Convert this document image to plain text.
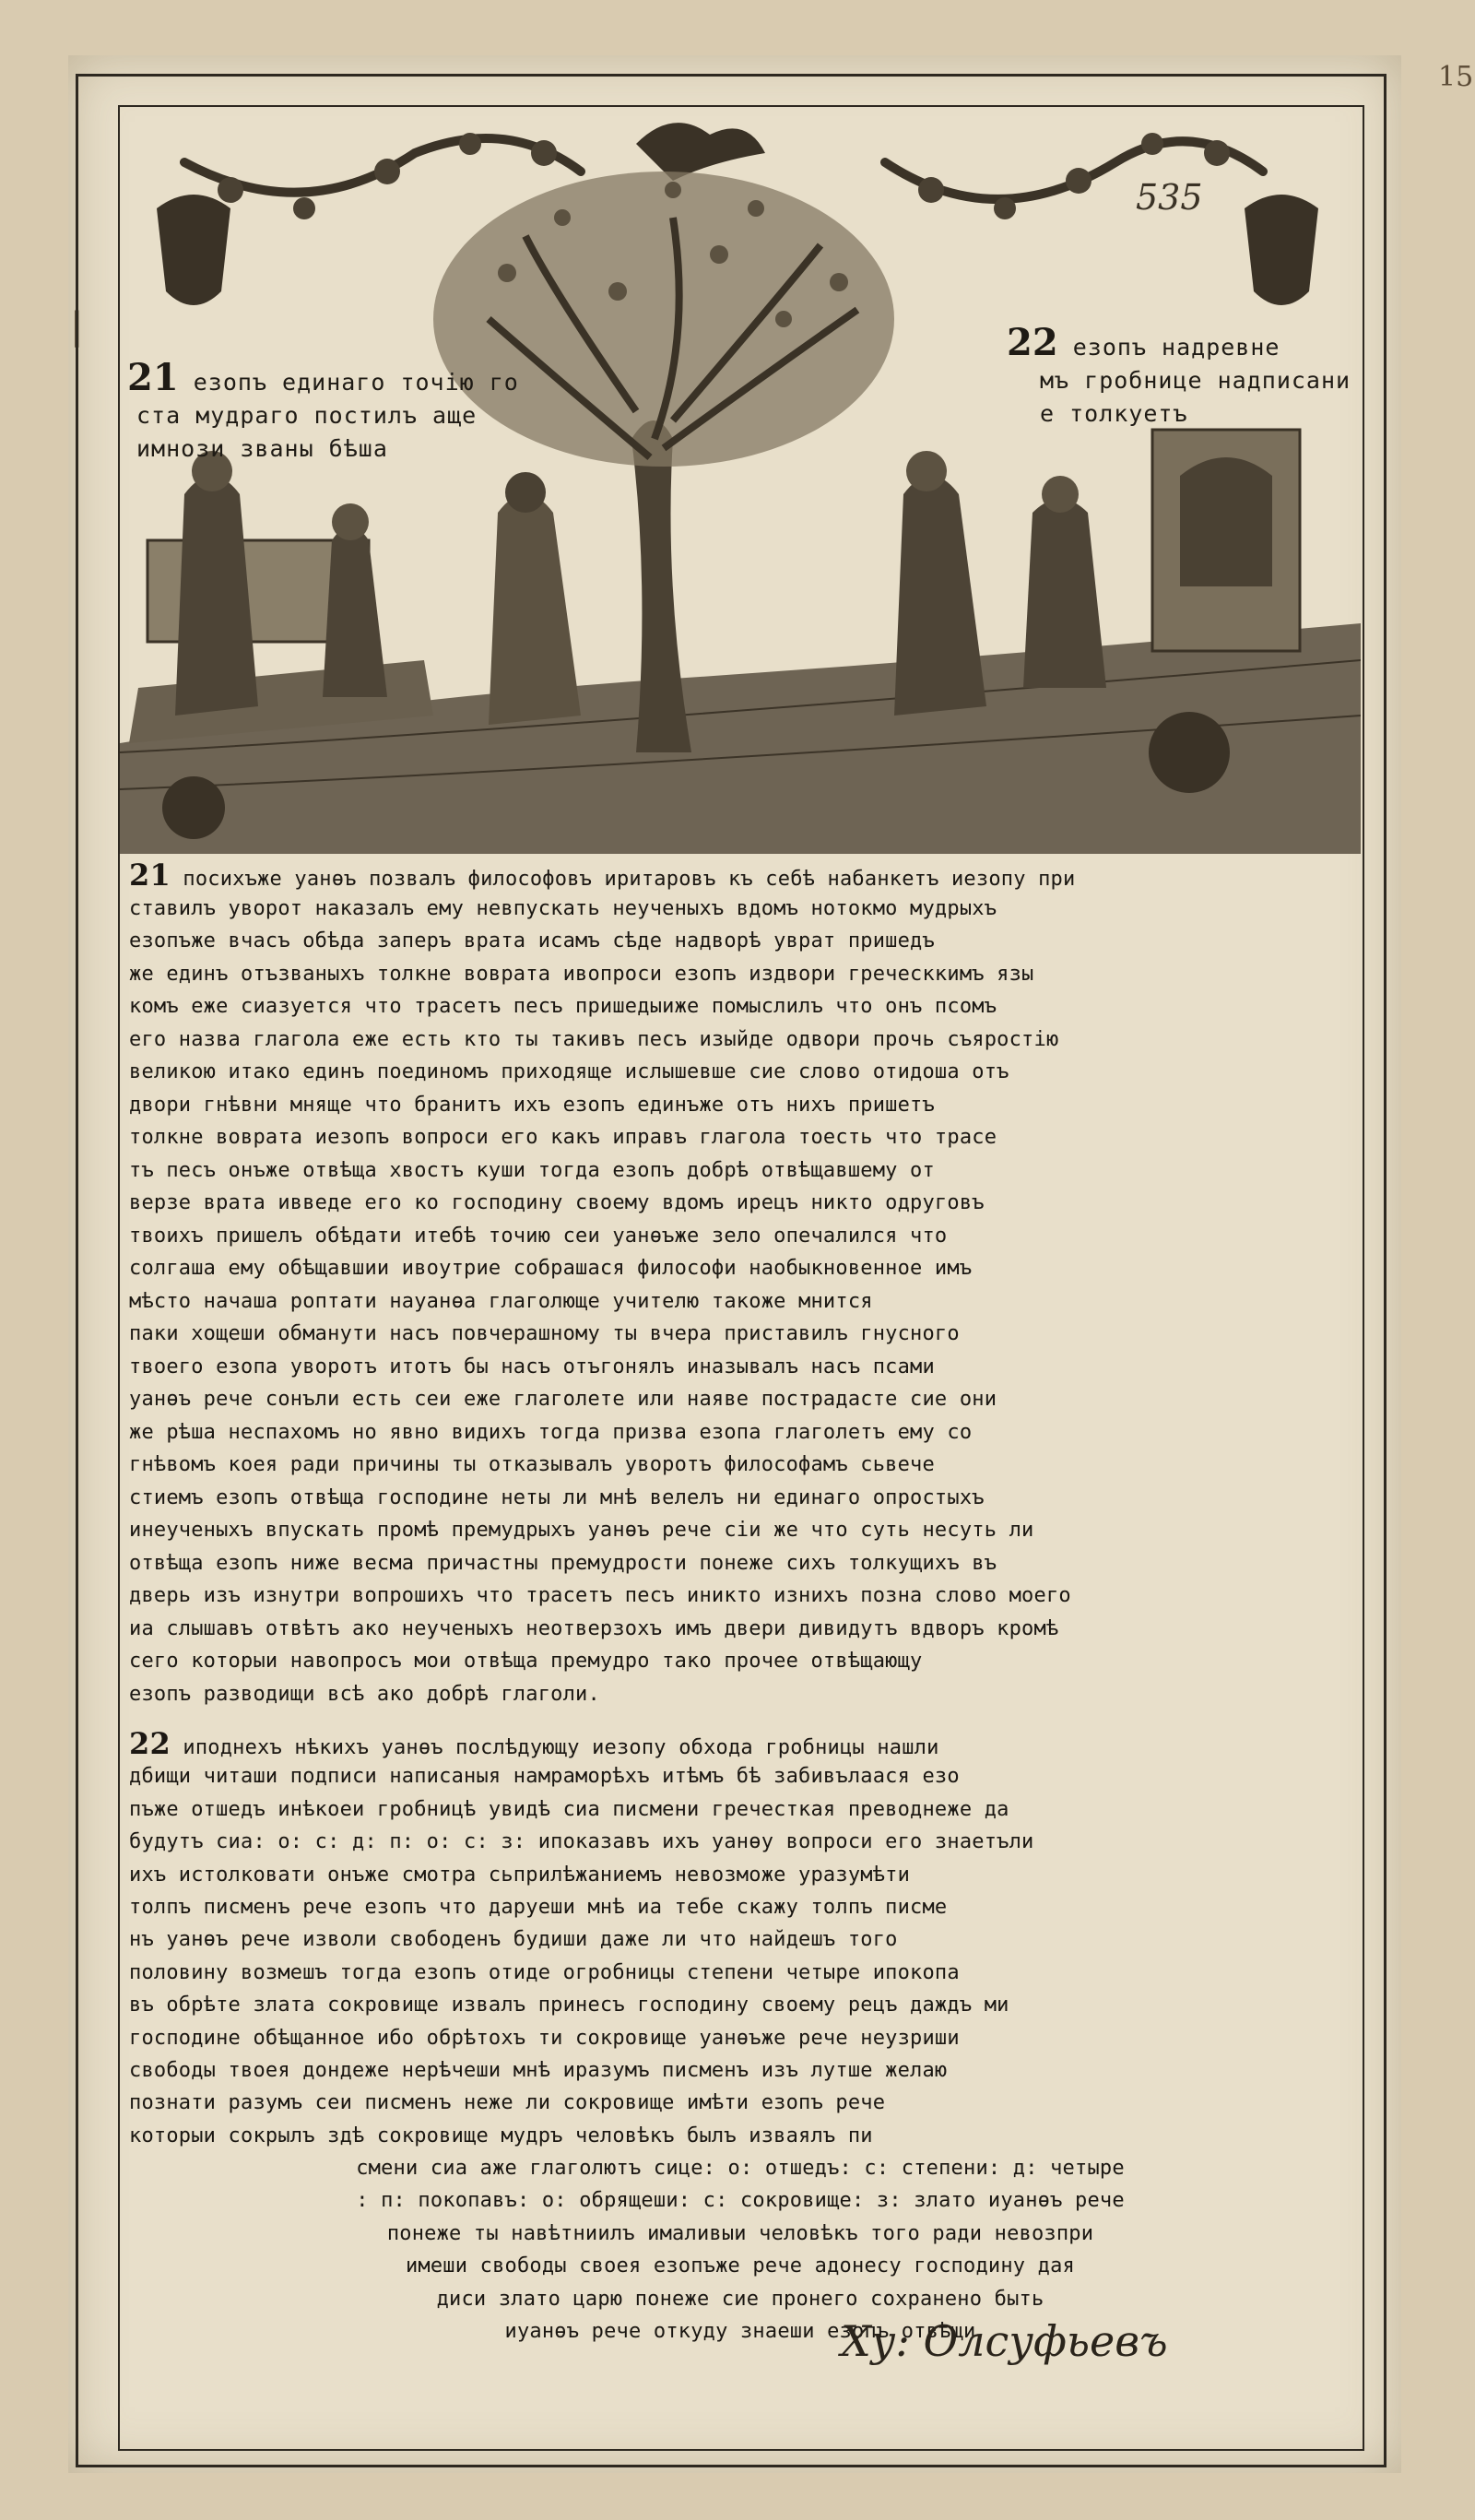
15
|
535
21 езопъ единаго точію го
ста мудраго постилъ аще
имнози званы бѣша
22 езопъ надревне
мъ гробнице надписани
е толкуетъ
21 посихъже уанѳъ позвалъ философовъ иритаровъ къ себѣ набанкетъ иезопу при
ставилъ уворот наказалъ ему невпускать неученыхъ вдомъ нотокмо мудрыхъ
езопъже вчасъ обѣда заперъ врата исамъ сѣде надворѣ уврат пришедъ
же единъ отъзваныхъ толкне воврата ивопроси езопъ издвори греческкимъ язы
комъ еже сиазуется что трасетъ песъ пришедыиже помыслилъ что онъ псомъ
его назва глагола еже есть кто ты такивъ песъ изыйде одвори прочь съяростію
великою итако единъ поединомъ приходяще ислышевше сие слово отидоша отъ
двори гнѣвни мняще что бранитъ ихъ езопъ единъже отъ нихъ пришетъ
толкне воврата иезопъ вопроси его какъ иправъ глагола тоесть что трасе
тъ песъ онъже отвѣща хвостъ куши тогда езопъ добрѣ отвѣщавшему от
верзе врата ивведе его ко господину своему вдомъ ирецъ никто одруговъ
твоихъ пришелъ обѣдати итебѣ точию сеи уанѳъже зело опечалился что
солгаша ему обѣщавшии ивоутрие собрашася философи наобыкновенное имъ
мѣсто начаша роптати науанѳа глаголюще учителю такоже мнится
паки хощеши обманути насъ повчерашному ты вчера приставилъ гнусного
твоего езопа уворотъ итотъ бы насъ отъгонялъ иназывалъ насъ псами
уанѳъ рече сонъли есть сеи еже глаголете или наяве пострадасте сие они
же рѣша неспахомъ но явно видихъ тогда призва езопа глаголетъ ему со
гнѣвомъ коея ради причины ты отказывалъ уворотъ философамъ сьвече
стиемъ езопъ отвѣща господине неты ли мнѣ велелъ ни единаго опростыхъ
инеученыхъ впускать промѣ премудрыхъ уанѳъ рече сіи же что суть несуть ли
отвѣща езопъ ниже весма причастны премудрости понеже сихъ толкущихъ въ
дверь изъ изнутри вопрошихъ что трасетъ песъ иникто изнихъ позна слово моего
иа слышавъ отвѣтъ ако неученыхъ неотверзохъ имъ двери дивидутъ вдворъ кромѣ
сего которыи навопросъ мои отвѣща премудро тако прочее отвѣщающу
езопъ разводищи всѣ ако добрѣ глаголи.
22 иподнехъ нѣкихъ уанѳъ послѣдующу иезопу обхода гробницы нашли
дбищи читаши подписи написаныя намраморѣхъ итѣмъ бѣ забивълаася езо
пъже отшедъ инѣкоеи гробницѣ увидѣ сиа писмени гречесткая преводнеже да
будутъ сиа: о: с: д: п: о: с: з: ипоказавъ ихъ уанѳу вопроси его знаетъли
ихъ истолковати онъже смотра сьприлѣжаниемъ невозможе уразумѣти
толпъ писменъ рече езопъ что даруеши мнѣ иа тебе скажу толпъ писме
нъ уанѳъ рече изволи свободенъ будиши даже ли что найдешъ того
половину возмешъ тогда езопъ отиде огробницы степени четыре ипокопа
въ обрѣте злата сокровище извалъ принесъ господину своему рецъ даждъ ми
господине обѣщанное ибо обрѣтохъ ти сокровище уанѳъже рече неузриши
свободы твоея дондеже нерѣчеши мнѣ иразумъ писменъ изъ лутше желаю
познати разумъ сеи писменъ неже ли сокровище имѣти езопъ рече
которыи сокрылъ здѣ сокровище мудръ человѣкъ былъ изваялъ пи
смени сиа аже глаголютъ сице: о: отшедъ: с: степени: д: четыре
: п: покопавъ: о: обрящеши: с: сокровище: з: злато иуанѳъ рече
понеже ты навѣтниилъ ималивыи человѣкъ того ради невозпри
имеши свободы своея езопъже рече адонесу господину дая
диси злато царю понеже сие пронего сохранено быть
иуанѳъ рече откуду знаеши езопъ отвѣщи
Ху: Олсуфьевъ
